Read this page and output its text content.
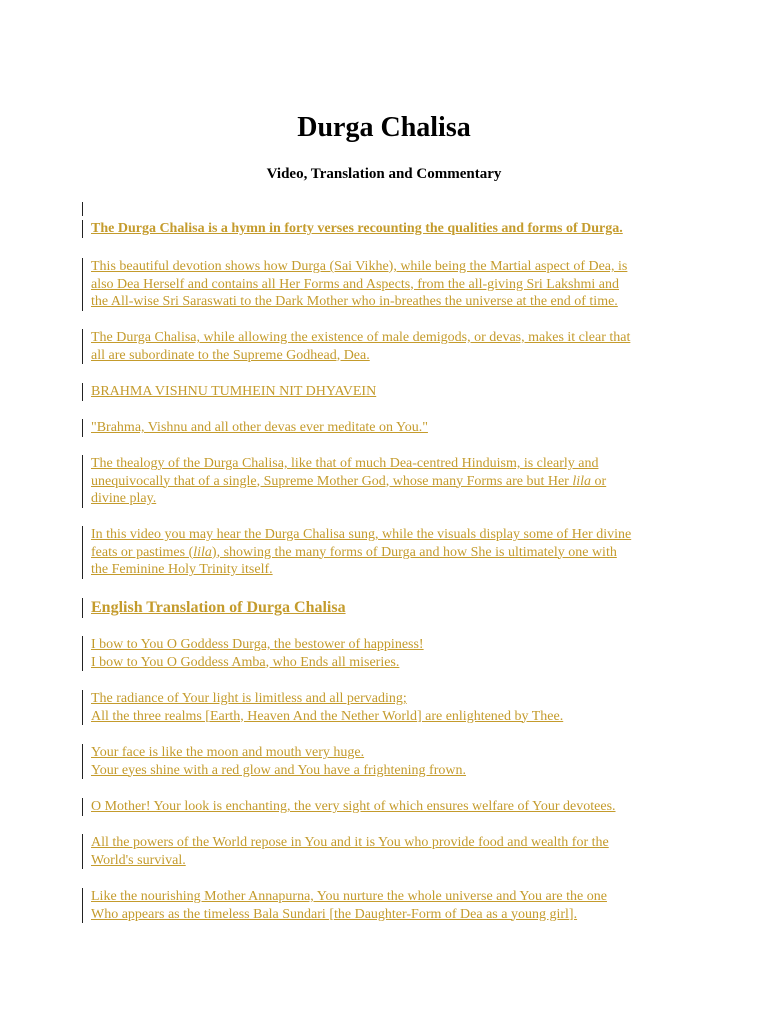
Durga Chalisa
Video, Translation and Commentary

The Durga Chalisa is a hymn in forty verses recounting the qualities and forms of Durga.

This beautiful devotion shows how Durga (Sai Vikhe), while being the Martial aspect of Dea, is

also Dea Herself and contains all Her Forms and Aspects, from the all-giving Sri Lakshmi and

the All-wise Sri Saraswati to the Dark Mother who in-breathes the universe at the end of time.

The Durga Chalisa, while allowing the existence of male demigods, or devas, makes it clear that

all are subordinate to the Supreme Godhead, Dea.

BRAHMA VISHNU TUMHEIN NIT DHYAVEIN

"Brahma, Vishnu and all other devas ever meditate on You."

The thealogy of the Durga Chalisa, like that of much Dea-centred Hinduism, is clearly and

unequivocally that of a single, Supreme Mother God, whose many Forms are but Her lila or

divine play.

In this video you may hear the Durga Chalisa sung, while the visuals display some of Her divine

feats or pastimes (lila), showing the many forms of Durga and how She is ultimately one with

the Feminine Holy Trinity itself.

English Translation of Durga Chalisa

I bow to You O Goddess Durga, the bestower of happiness!

I bow to You O Goddess Amba, who Ends all miseries.

The radiance of Your light is limitless and all pervading;

All the three realms [Earth, Heaven And the Nether World] are enlightened by Thee.

Your face is like the moon and mouth very huge.

Your eyes shine with a red glow and You have a frightening frown.

O Mother! Your look is enchanting, the very sight of which ensures welfare of Your devotees.

All the powers of the World repose in You and it is You who provide food and wealth for the

World's survival.

Like the nourishing Mother Annapurna, You nurture the whole universe and You are the one

Who appears as the timeless Bala Sundari [the Daughter-Form of Dea as a young girl].
